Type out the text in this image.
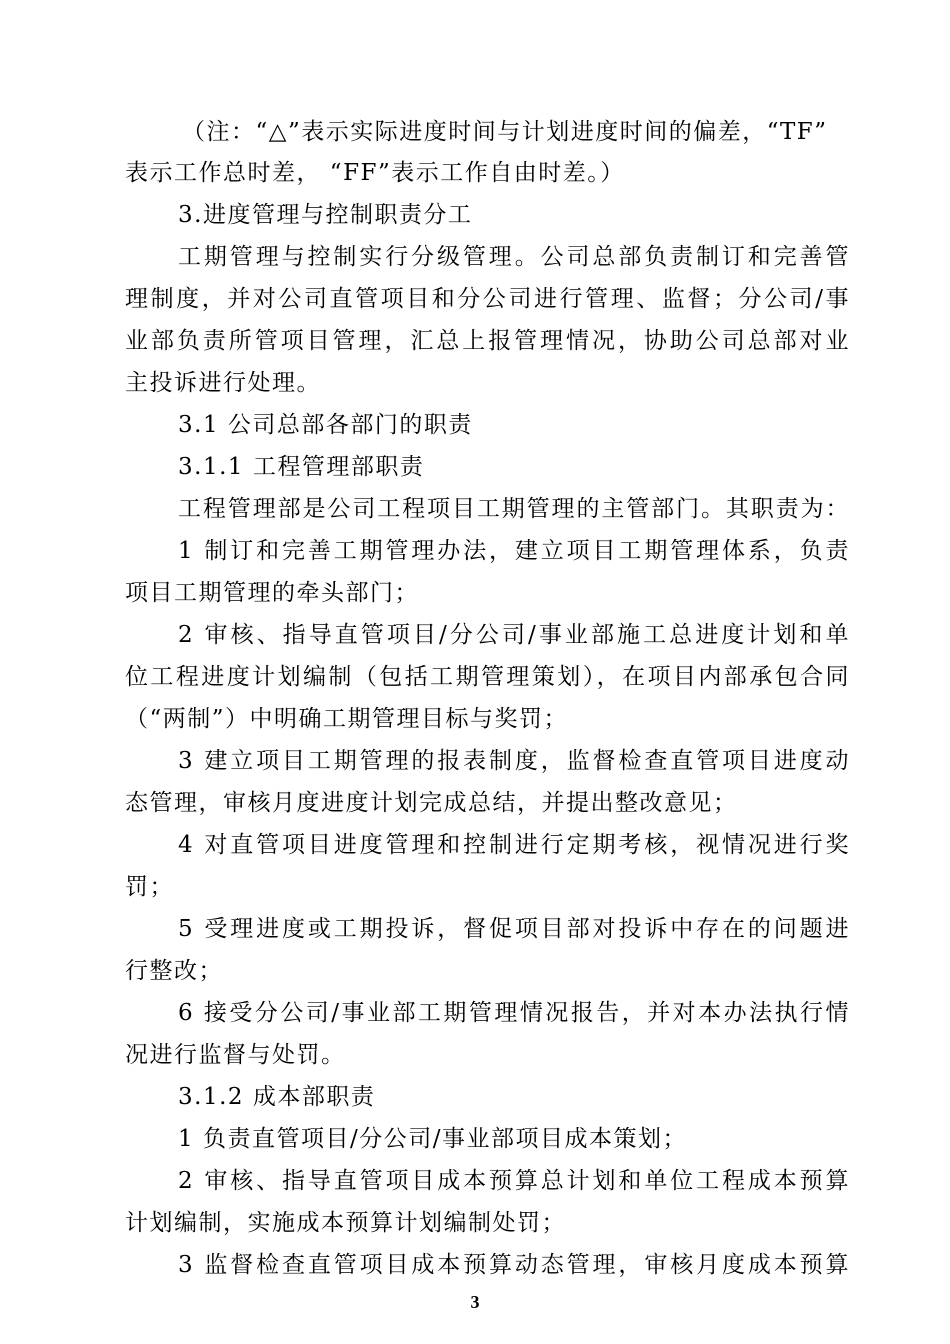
（注：“△”表示实际进度时间与计划进度时间的偏差，“TF”
表示工作总时差， “FF”表示工作自由时差。）
3.进度管理与控制职责分工
工期管理与控制实行分级管理。公司总部负责制订和完善管
理制度，并对公司直管项目和分公司进行管理、监督；分公司/事
业部负责所管项目管理，汇总上报管理情况，协助公司总部对业
主投诉进行处理。
3.1 公司总部各部门的职责
3.1.1 工程管理部职责
工程管理部是公司工程项目工期管理的主管部门。其职责为：
1 制订和完善工期管理办法，建立项目工期管理体系，负责
项目工期管理的牵头部门；
2 审核、指导直管项目/分公司/事业部施工总进度计划和单
位工程进度计划编制（包括工期管理策划），在项目内部承包合同
（“两制”）中明确工期管理目标与奖罚；
3 建立项目工期管理的报表制度，监督检查直管项目进度动
态管理，审核月度进度计划完成总结，并提出整改意见；
4 对直管项目进度管理和控制进行定期考核，视情况进行奖
罚；
5 受理进度或工期投诉，督促项目部对投诉中存在的问题进
行整改；
6 接受分公司/事业部工期管理情况报告，并对本办法执行情
况进行监督与处罚。
3.1.2 成本部职责
1 负责直管项目/分公司/事业部项目成本策划；
2 审核、指导直管项目成本预算总计划和单位工程成本预算
计划编制，实施成本预算计划编制处罚；
3 监督检查直管项目成本预算动态管理，审核月度成本预算
3
